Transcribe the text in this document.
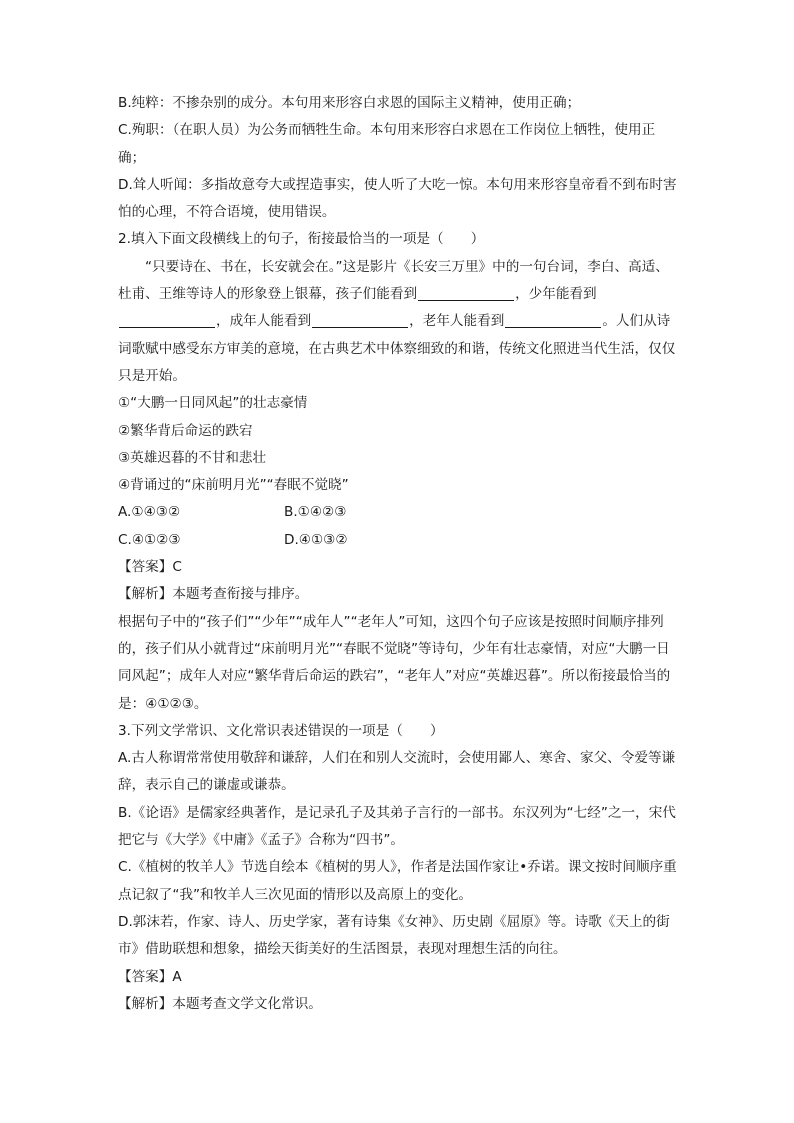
B.纯粹：不掺杂别的成分。本句用来形容白求恩的国际主义精神，使用正确；

C.殉职：（在职人员）为公务而牺牲生命。本句用来形容白求恩在工作岗位上牺牲，使用正确；

D.耸人听闻：多指故意夸大或捏造事实，使人听了大吃一惊。本句用来形容皇帝看不到布时害怕的心理，不符合语境，使用错误。

2.填入下面文段横线上的句子，衔接最恰当的一项是（　　）

“只要诗在、书在，长安就会在。”这是影片《长安三万里》中的一句台词，李白、高适、杜甫、王维等诗人的形象登上银幕，孩子们能看到	，少年能看到，成年人能看到	，老年人能看到	。人们从诗词歌赋中感受东方审美的意境，在古典艺术中体察细致的和谐，传统文化照进当代生活，仅仅只是开始。

①“大鹏一日同风起”的壮志豪情

②繁华背后命运的跌宕

③英雄迟暮的不甘和悲壮

④背诵过的“床前明月光”“春眠不觉晓”

A.①④③②	B.①④②③
C.④①②③	D.④①③②

【答案】C

【解析】本题考查衔接与排序。

根据句子中的“孩子们”“少年”“成年人”“老年人”可知，这四个句子应该是按照时间顺序排列的，孩子们从小就背过“床前明月光”“春眠不觉晓”等诗句，少年有壮志豪情，对应“大鹏一日同风起”；成年人对应“繁华背后命运的跌宕”，“老年人”对应“英雄迟暮”。所以衔接最恰当的是：④①②③。

3.下列文学常识、文化常识表述错误的一项是（　　）

A.古人称谓常常使用敬辞和谦辞，人们在和别人交流时，会使用鄙人、寒舍、家父、令爱等谦辞，表示自己的谦虚或谦恭。

B.《论语》是儒家经典著作，是记录孔子及其弟子言行的一部书。东汉列为“七经”之一，宋代把它与《大学》《中庸》《孟子》合称为“四书”。

C.《植树的牧羊人》节选自绘本《植树的男人》，作者是法国作家让•乔诺。课文按时间顺序重点记叙了“我”和牧羊人三次见面的情形以及高原上的变化。

D.郭沫若，作家、诗人、历史学家，著有诗集《女神》、历史剧《屈原》等。诗歌《天上的街市》借助联想和想象，描绘天街美好的生活图景，表现对理想生活的向往。

【答案】A

【解析】本题考查文学文化常识。
